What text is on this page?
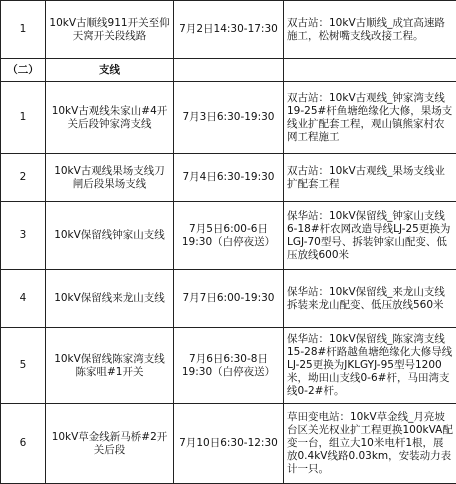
1	10kV古顺线911开关至仰天窝开关段线路	7月2日14:30-17:30	双古站：10kV古顺线_成宜高速路施工，松树嘴支线改接工程。
（二）	支线		
1	10kV古观线朱家山#4开关后段钟家湾支线	7月3日6:30-19:30	双古站：10kV古观线_钟家湾支线19-25#杆鱼塘绝缘化大修，果场支线业扩配套工程，观山镇熊家村农网工程施工
2	10kV古观线果场支线刀闸后段果场支线	7月4日6:30-19:30	双古站：10kV古观线_果场支线业扩配套工程
3	10kV保留线钟家山支线	7月5日6:00-6日19:30（白停夜送）	保华站：10kV保留线_钟家山支线6-18#杆农网改造导线LJ-25更换为LGJ-70型号、拆装钟家山配变、低压放线600米
4	10kV保留线来龙山支线	7月7日6:00-19:30	保华站：10kV保留线_来龙山支线拆装来龙山配变、低压放线560米
5	10kV保留线陈家湾支线陈家咀#1开关	7月6日6:30-8日19:30（白停夜送）	保华站：10kV保留线_陈家湾支线15-28#杆路越鱼塘绝缘化大修导线LJ-25更换为JKLGYJ-95型号1200米，坳田山支线0-6#杆，马田湾支线0-2#杆。
6	10kV草金线新马桥#2开关后段	7月10日6:30-12:30	草田变电站：10kV草金线_月亮坡台区关光权业扩工程更换100kVA配变一台，组立大10米电杆1根，展放0.4kV线路0.03km，安装动力表计一只。
